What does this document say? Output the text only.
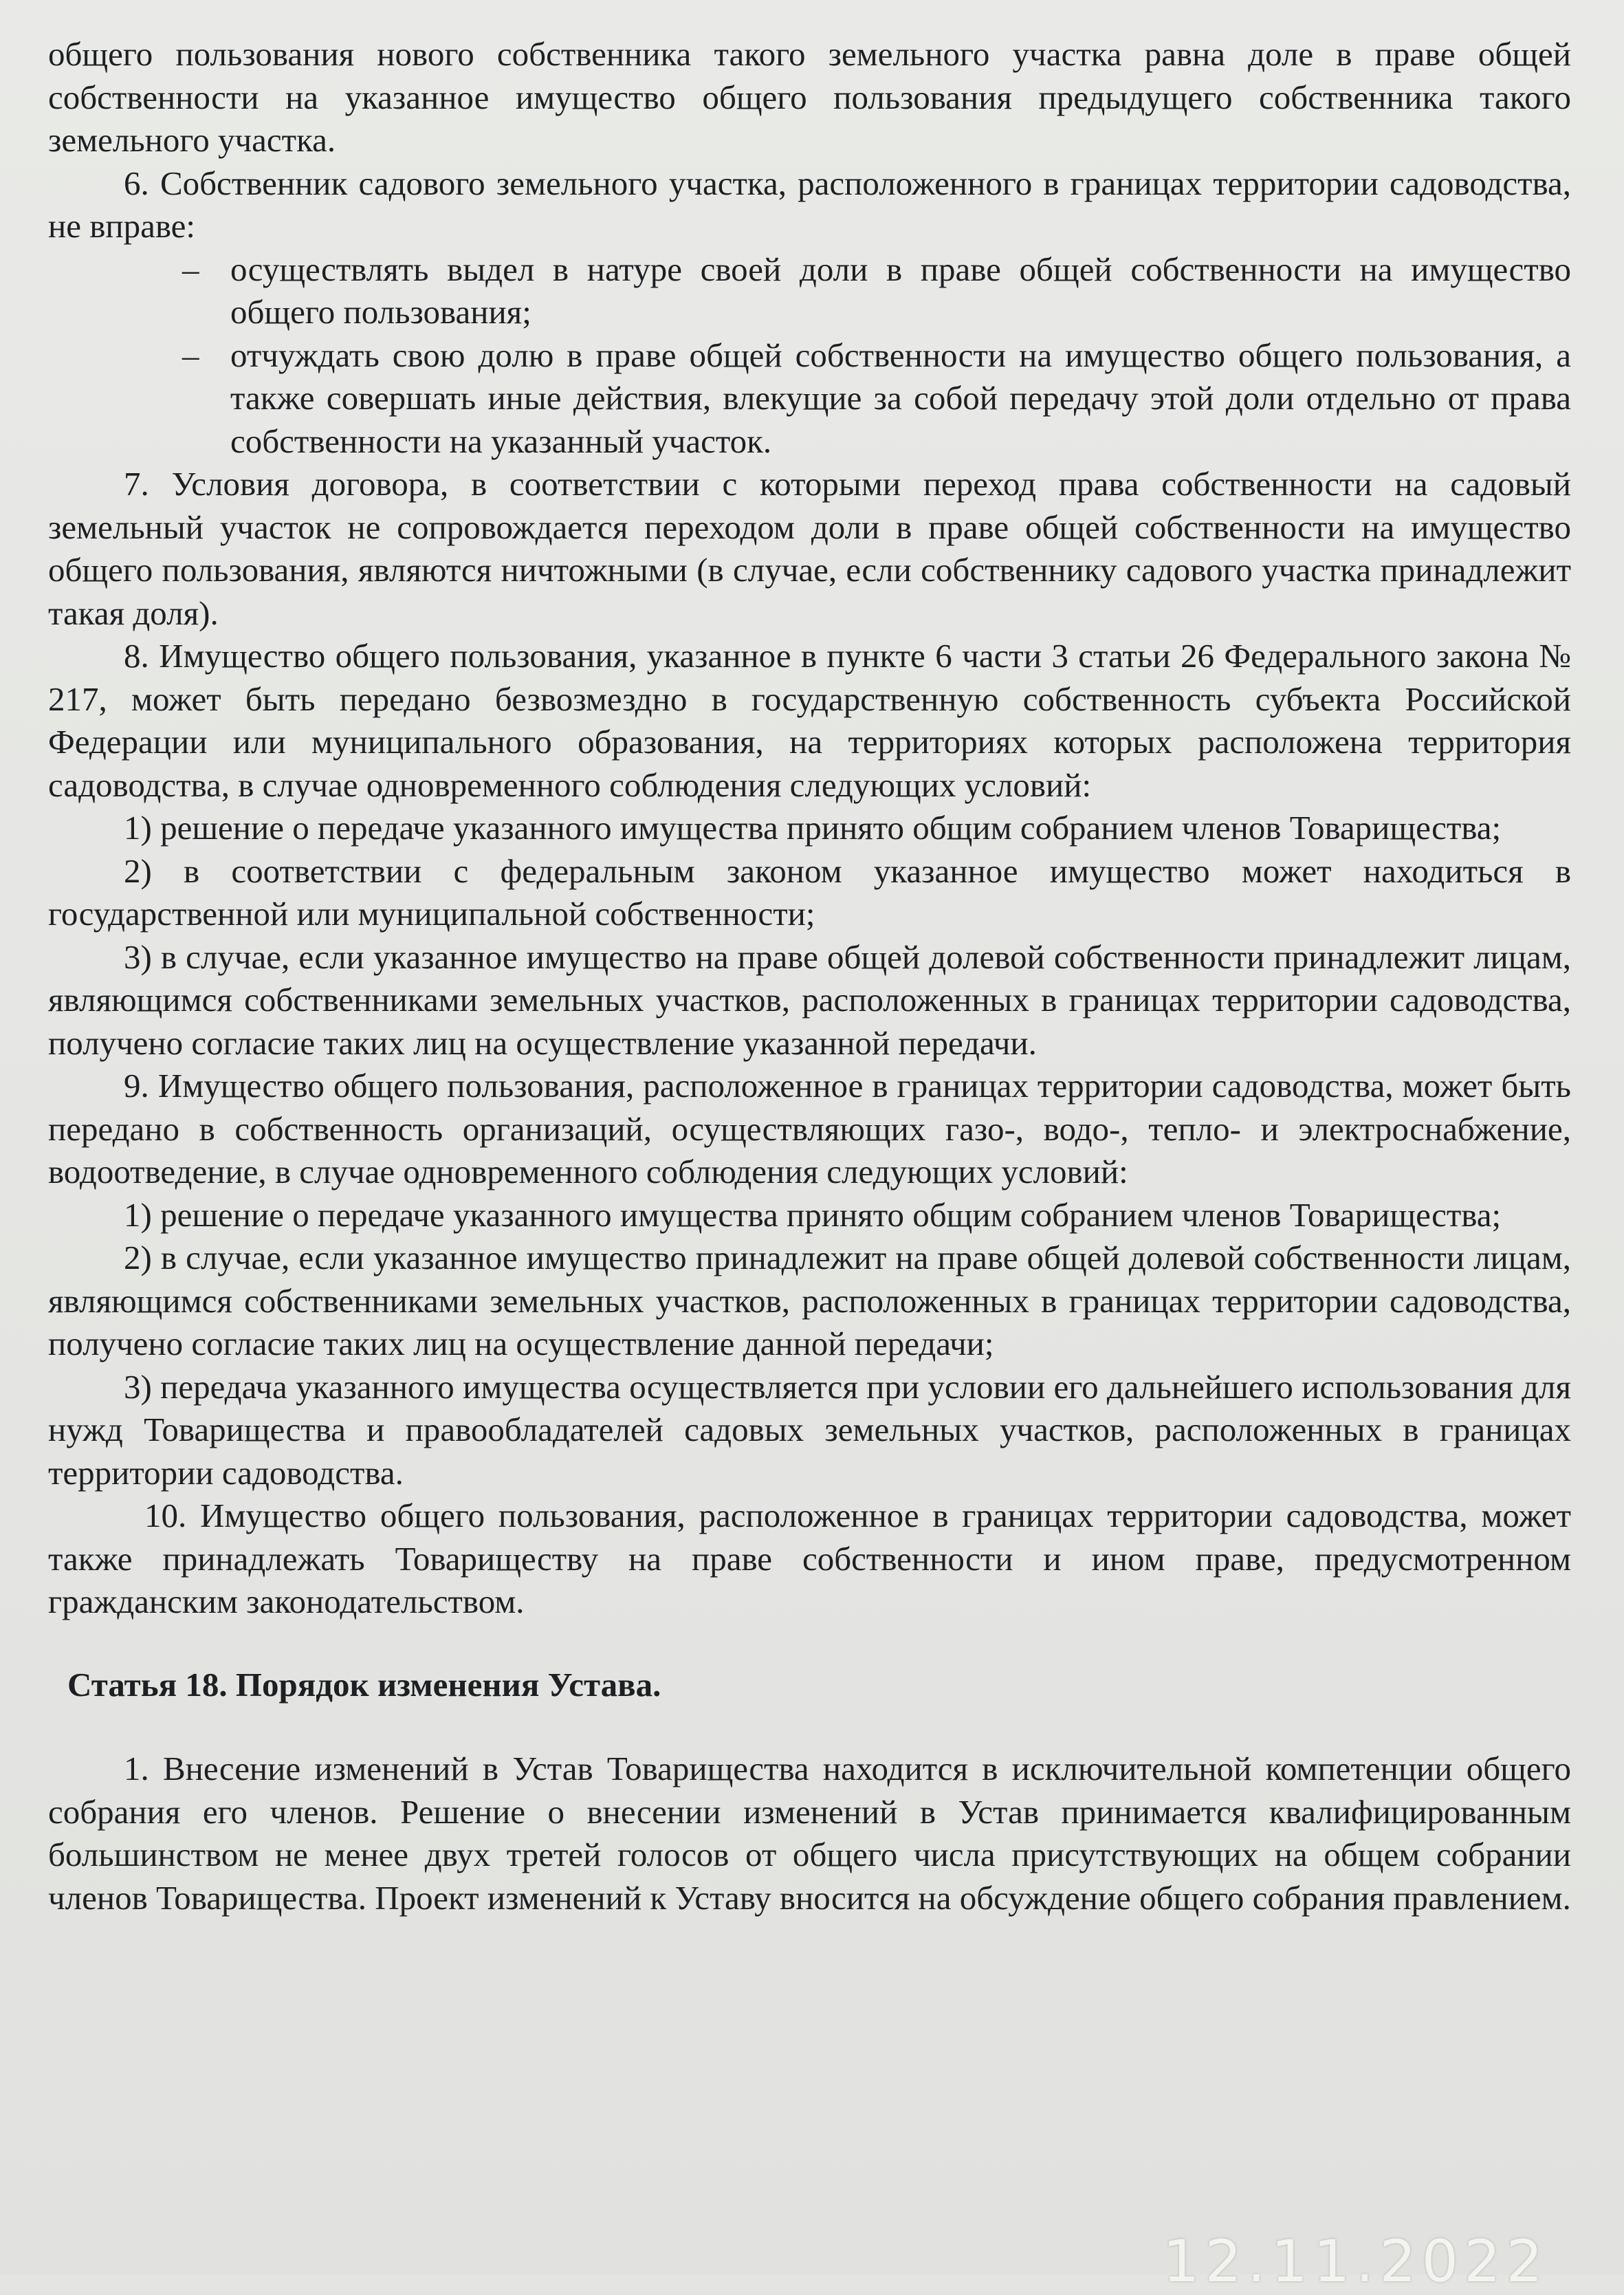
общего пользования нового собственника такого земельного участка равна доле в праве общей собственности на указанное имущество общего пользования предыдущего собственника такого земельного участка.

6. Собственник садового земельного участка, расположенного в границах территории садоводства, не вправе:

– осуществлять выдел в натуре своей доли в праве общей собственности на имущество общего пользования;
– отчуждать свою долю в праве общей собственности на имущество общего пользования, а также совершать иные действия, влекущие за собой передачу этой доли отдельно от права собственности на указанный участок.

7. Условия договора, в соответствии с которыми переход права собственности на садовый земельный участок не сопровождается переходом доли в праве общей собственности на имущество общего пользования, являются ничтожными (в случае, если собственнику садового участка принадлежит такая доля).

8. Имущество общего пользования, указанное в пункте 6 части 3 статьи 26 Федерального закона № 217, может быть передано безвозмездно в государственную собственность субъекта Российской Федерации или муниципального образования, на территориях которых расположена территория садоводства, в случае одновременного соблюдения следующих условий:

1) решение о передаче указанного имущества принято общим собранием членов Товарищества;

2) в соответствии с федеральным законом указанное имущество может находиться в государственной или муниципальной собственности;

3) в случае, если указанное имущество на праве общей долевой собственности принадлежит лицам, являющимся собственниками земельных участков, расположенных в границах территории садоводства, получено согласие таких лиц на осуществление указанной передачи.

9. Имущество общего пользования, расположенное в границах территории садоводства, может быть передано в собственность организаций, осуществляющих газо-, водо-, тепло- и электроснабжение, водоотведение, в случае одновременного соблюдения следующих условий:

1) решение о передаче указанного имущества принято общим собранием членов Товарищества;

2) в случае, если указанное имущество принадлежит на праве общей долевой собственности лицам, являющимся собственниками земельных участков, расположенных в границах территории садоводства, получено согласие таких лиц на осуществление данной передачи;

3) передача указанного имущества осуществляется при условии его дальнейшего использования для нужд Товарищества и правообладателей садовых земельных участков, расположенных в границах территории садоводства.

10. Имущество общего пользования, расположенное в границах территории садоводства, может также принадлежать Товариществу на праве собственности и ином праве, предусмотренном гражданским законодательством.

Статья 18. Порядок изменения Устава.

1. Внесение изменений в Устав Товарищества находится в исключительной компетенции общего собрания его членов. Решение о внесении изменений в Устав принимается квалифицированным большинством не менее двух третей голосов от общего числа присутствующих на общем собрании членов Товарищества. Проект изменений к Уставу вносится на обсуждение общего собрания правлением.

12.11.2022
